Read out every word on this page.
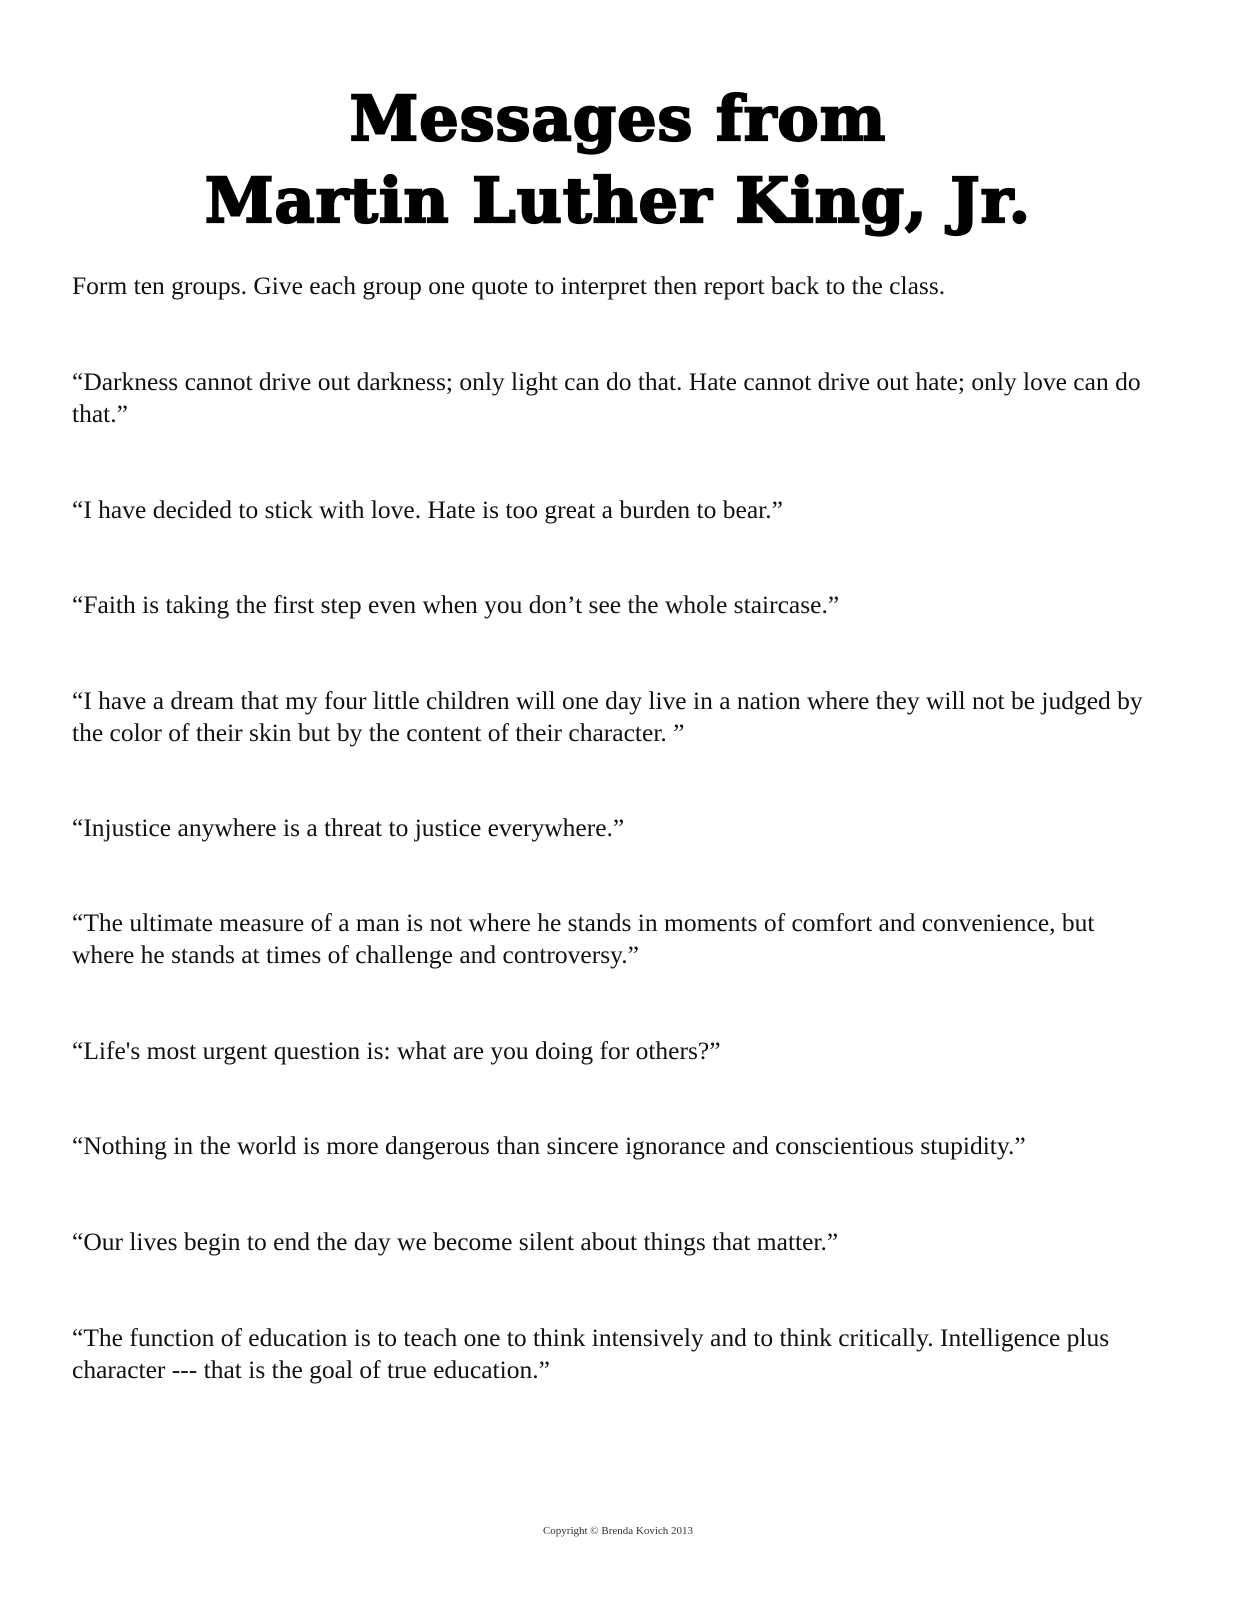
Messages from
Martin Luther King, Jr.

Form ten groups. Give each group one quote to interpret then report back to the class.

“Darkness cannot drive out darkness; only light can do that. Hate cannot drive out hate; only love can do that.”

“I have decided to stick with love. Hate is too great a burden to bear.”

“Faith is taking the first step even when you don’t see the whole staircase.”

“I have a dream that my four little children will one day live in a nation where they will not be judged by the color of their skin but by the content of their character. ”

“Injustice anywhere is a threat to justice everywhere.”

“The ultimate measure of a man is not where he stands in moments of comfort and convenience, but where he stands at times of challenge and controversy.”

“Life's most urgent question is: what are you doing for others?”

“Nothing in the world is more dangerous than sincere ignorance and conscientious stupidity.”

“Our lives begin to end the day we become silent about things that matter.”

“The function of education is to teach one to think intensively and to think critically. Intelligence plus character --- that is the goal of true education.”

Copyright © Brenda Kovich 2013
